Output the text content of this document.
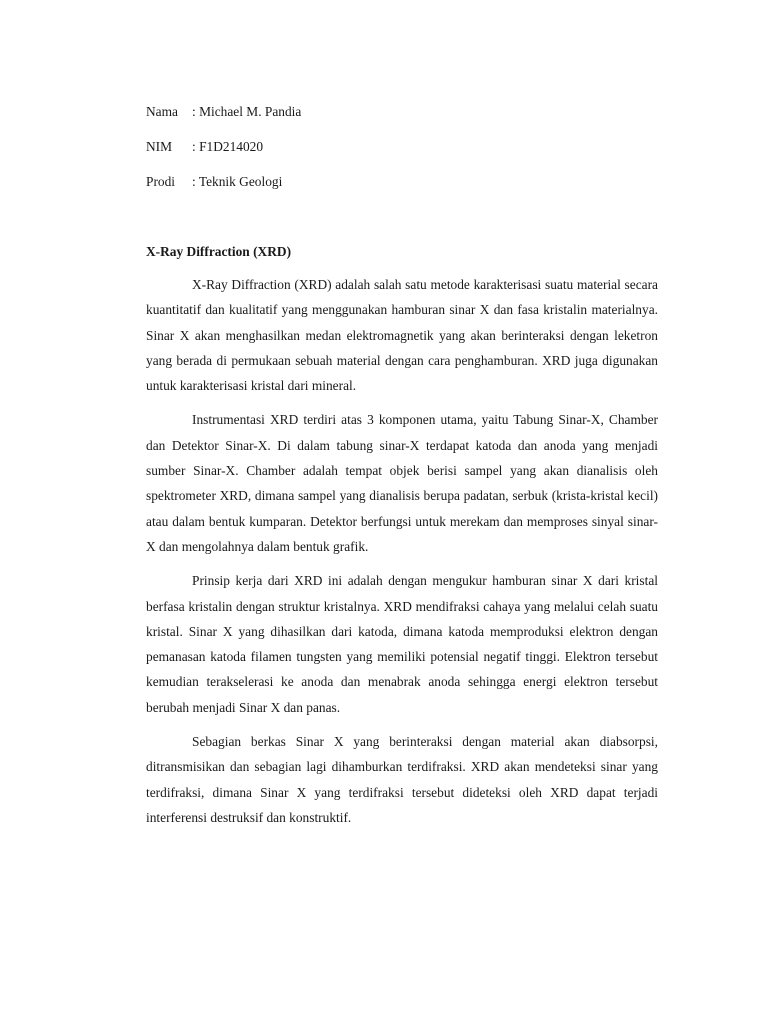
Nama	: Michael M. Pandia
NIM	: F1D214020
Prodi	: Teknik Geologi
X-Ray Diffraction (XRD)

X-Ray Diffraction (XRD) adalah salah satu metode karakterisasi suatu material secara kuantitatif dan kualitatif yang menggunakan hamburan sinar X dan fasa kristalin materialnya. Sinar X akan menghasilkan medan elektromagnetik yang akan berinteraksi dengan leketron yang berada di permukaan sebuah material dengan cara penghamburan. XRD juga digunakan untuk karakterisasi kristal dari mineral.

Instrumentasi XRD terdiri atas 3 komponen utama, yaitu Tabung Sinar-X, Chamber dan Detektor Sinar-X. Di dalam tabung sinar-X terdapat katoda dan anoda yang menjadi sumber Sinar-X. Chamber adalah tempat objek berisi sampel yang akan dianalisis oleh spektrometer XRD, dimana sampel yang dianalisis berupa padatan, serbuk (krista-kristal kecil) atau dalam bentuk kumparan. Detektor berfungsi untuk merekam dan memproses sinyal sinar-X dan mengolahnya dalam bentuk grafik.

Prinsip kerja dari XRD ini adalah dengan mengukur hamburan sinar X dari kristal berfasa kristalin dengan struktur kristalnya. XRD mendifraksi cahaya yang melalui celah suatu kristal. Sinar X yang dihasilkan dari katoda, dimana katoda memproduksi elektron dengan pemanasan katoda filamen tungsten yang memiliki potensial negatif tinggi. Elektron tersebut kemudian terakselerasi ke anoda dan menabrak anoda sehingga energi elektron tersebut berubah menjadi Sinar X dan panas.

Sebagian berkas Sinar X yang berinteraksi dengan material akan diabsorpsi, ditransmisikan dan sebagian lagi dihamburkan terdifraksi. XRD akan mendeteksi sinar yang terdifraksi, dimana Sinar X yang terdifraksi tersebut dideteksi oleh XRD dapat terjadi interferensi destruksif dan konstruktif.
